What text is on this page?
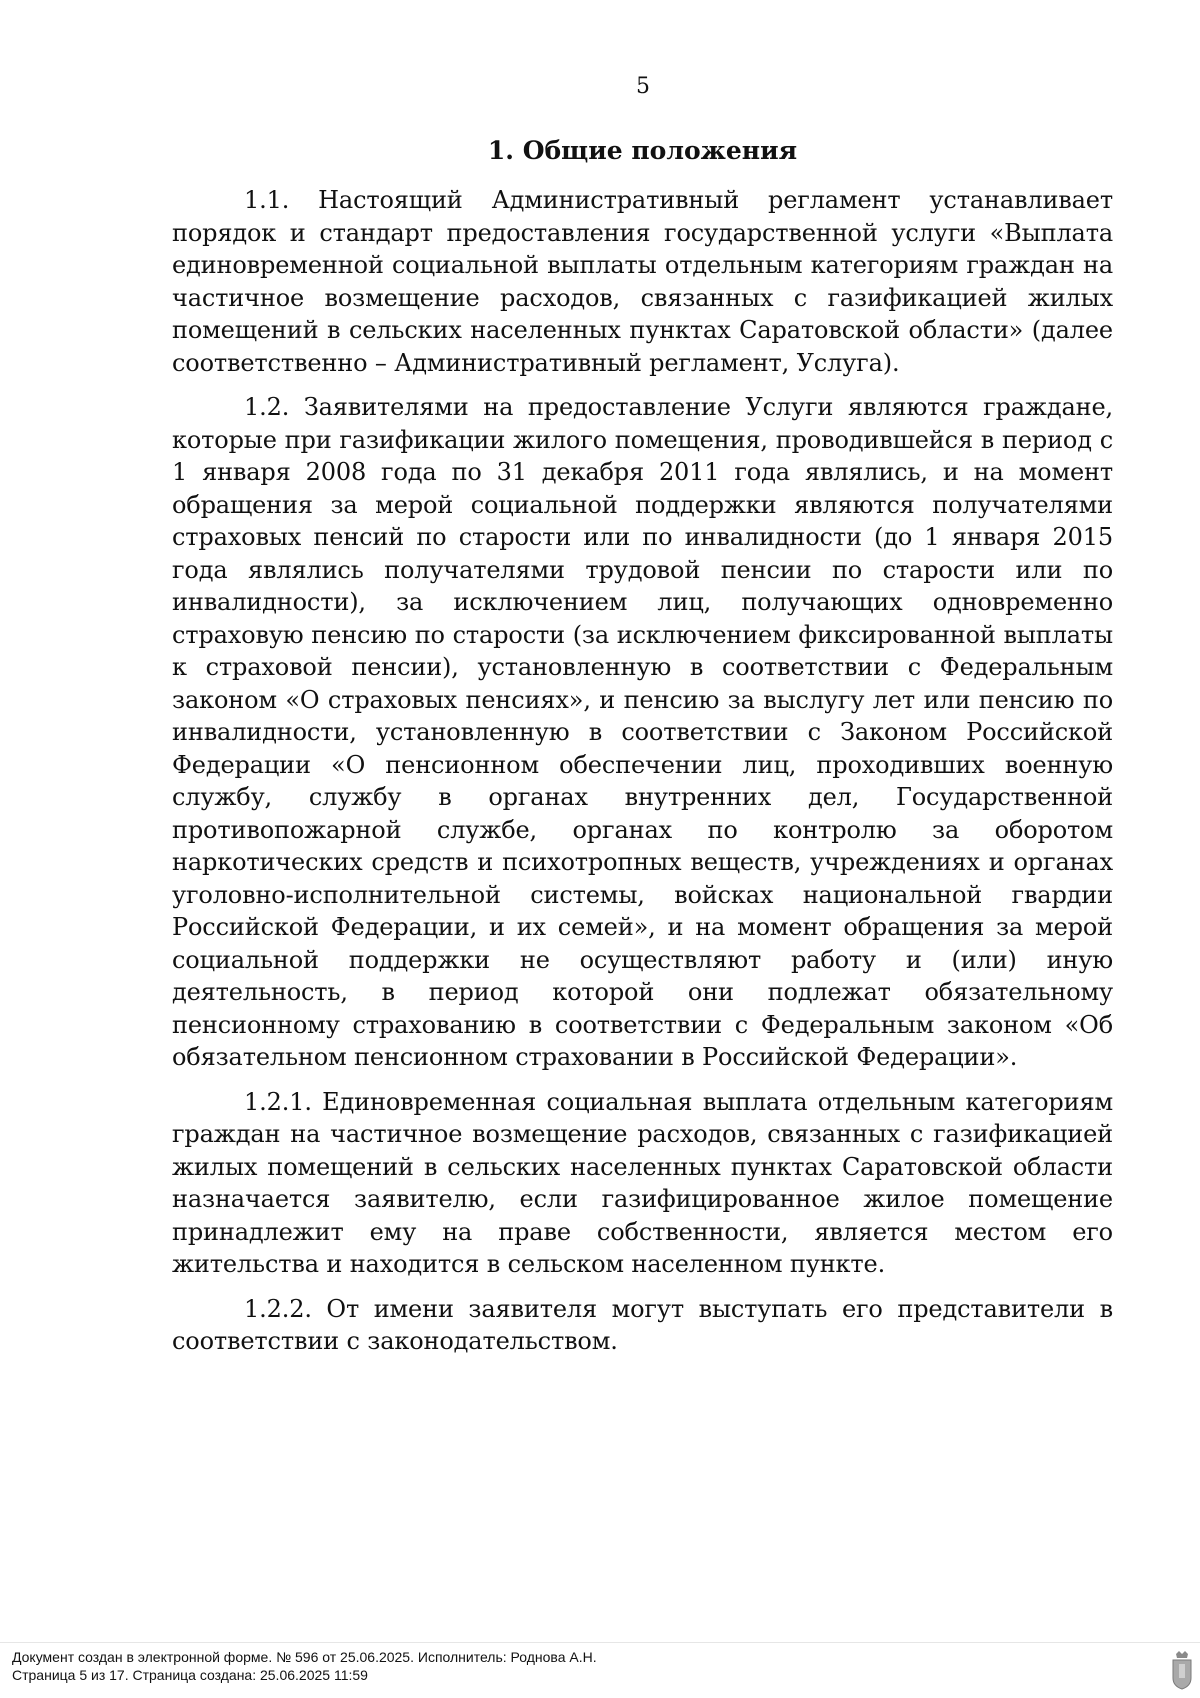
5
1. Общие положения

1.1. Настоящий Административный регламент устанавливает порядок и стандарт предоставления государственной услуги «Выплата единовременной социальной выплаты отдельным категориям граждан на частичное возмещение расходов, связанных с газификацией жилых помещений в сельских населенных пунктах Саратовской области» (далее соответственно – Административный регламент, Услуга).

1.2. Заявителями на предоставление Услуги являются граждане, которые при газификации жилого помещения, проводившейся в период с 1 января 2008 года по 31 декабря 2011 года являлись, и на момент обращения за мерой социальной поддержки являются получателями страховых пенсий по старости или по инвалидности (до 1 января 2015 года являлись получателями трудовой пенсии по старости или по инвалидности), за исключением лиц, получающих одновременно страховую пенсию по старости (за исключением фиксированной выплаты к страховой пенсии), установленную в соответствии с Федеральным законом «О страховых пенсиях», и пенсию за выслугу лет или пенсию по инвалидности, установленную в соответствии с Законом Российской Федерации «О пенсионном обеспечении лиц, проходивших военную службу, службу в органах внутренних дел, Государственной противопожарной службе, органах по контролю за оборотом наркотических средств и психотропных веществ, учреждениях и органах уголовно-исполнительной системы, войсках национальной гвардии Российской Федерации, и их семей», и на момент обращения за мерой социальной поддержки не осуществляют работу и (или) иную деятельность, в период которой они подлежат обязательному пенсионному страхованию в соответствии с Федеральным законом «Об обязательном пенсионном страховании в Российской Федерации».

1.2.1. Единовременная социальная выплата отдельным категориям граждан на частичное возмещение расходов, связанных с газификацией жилых помещений в сельских населенных пунктах Саратовской области назначается заявителю, если газифицированное жилое помещение принадлежит ему на праве собственности, является местом его жительства и находится в сельском населенном пункте.

1.2.2. От имени заявителя могут выступать его представители в соответствии с законодательством.

Документ создан в электронной форме. № 596 от 25.06.2025. Исполнитель: Роднова А.Н.
Страница 5 из 17. Страница создана: 25.06.2025 11:59
